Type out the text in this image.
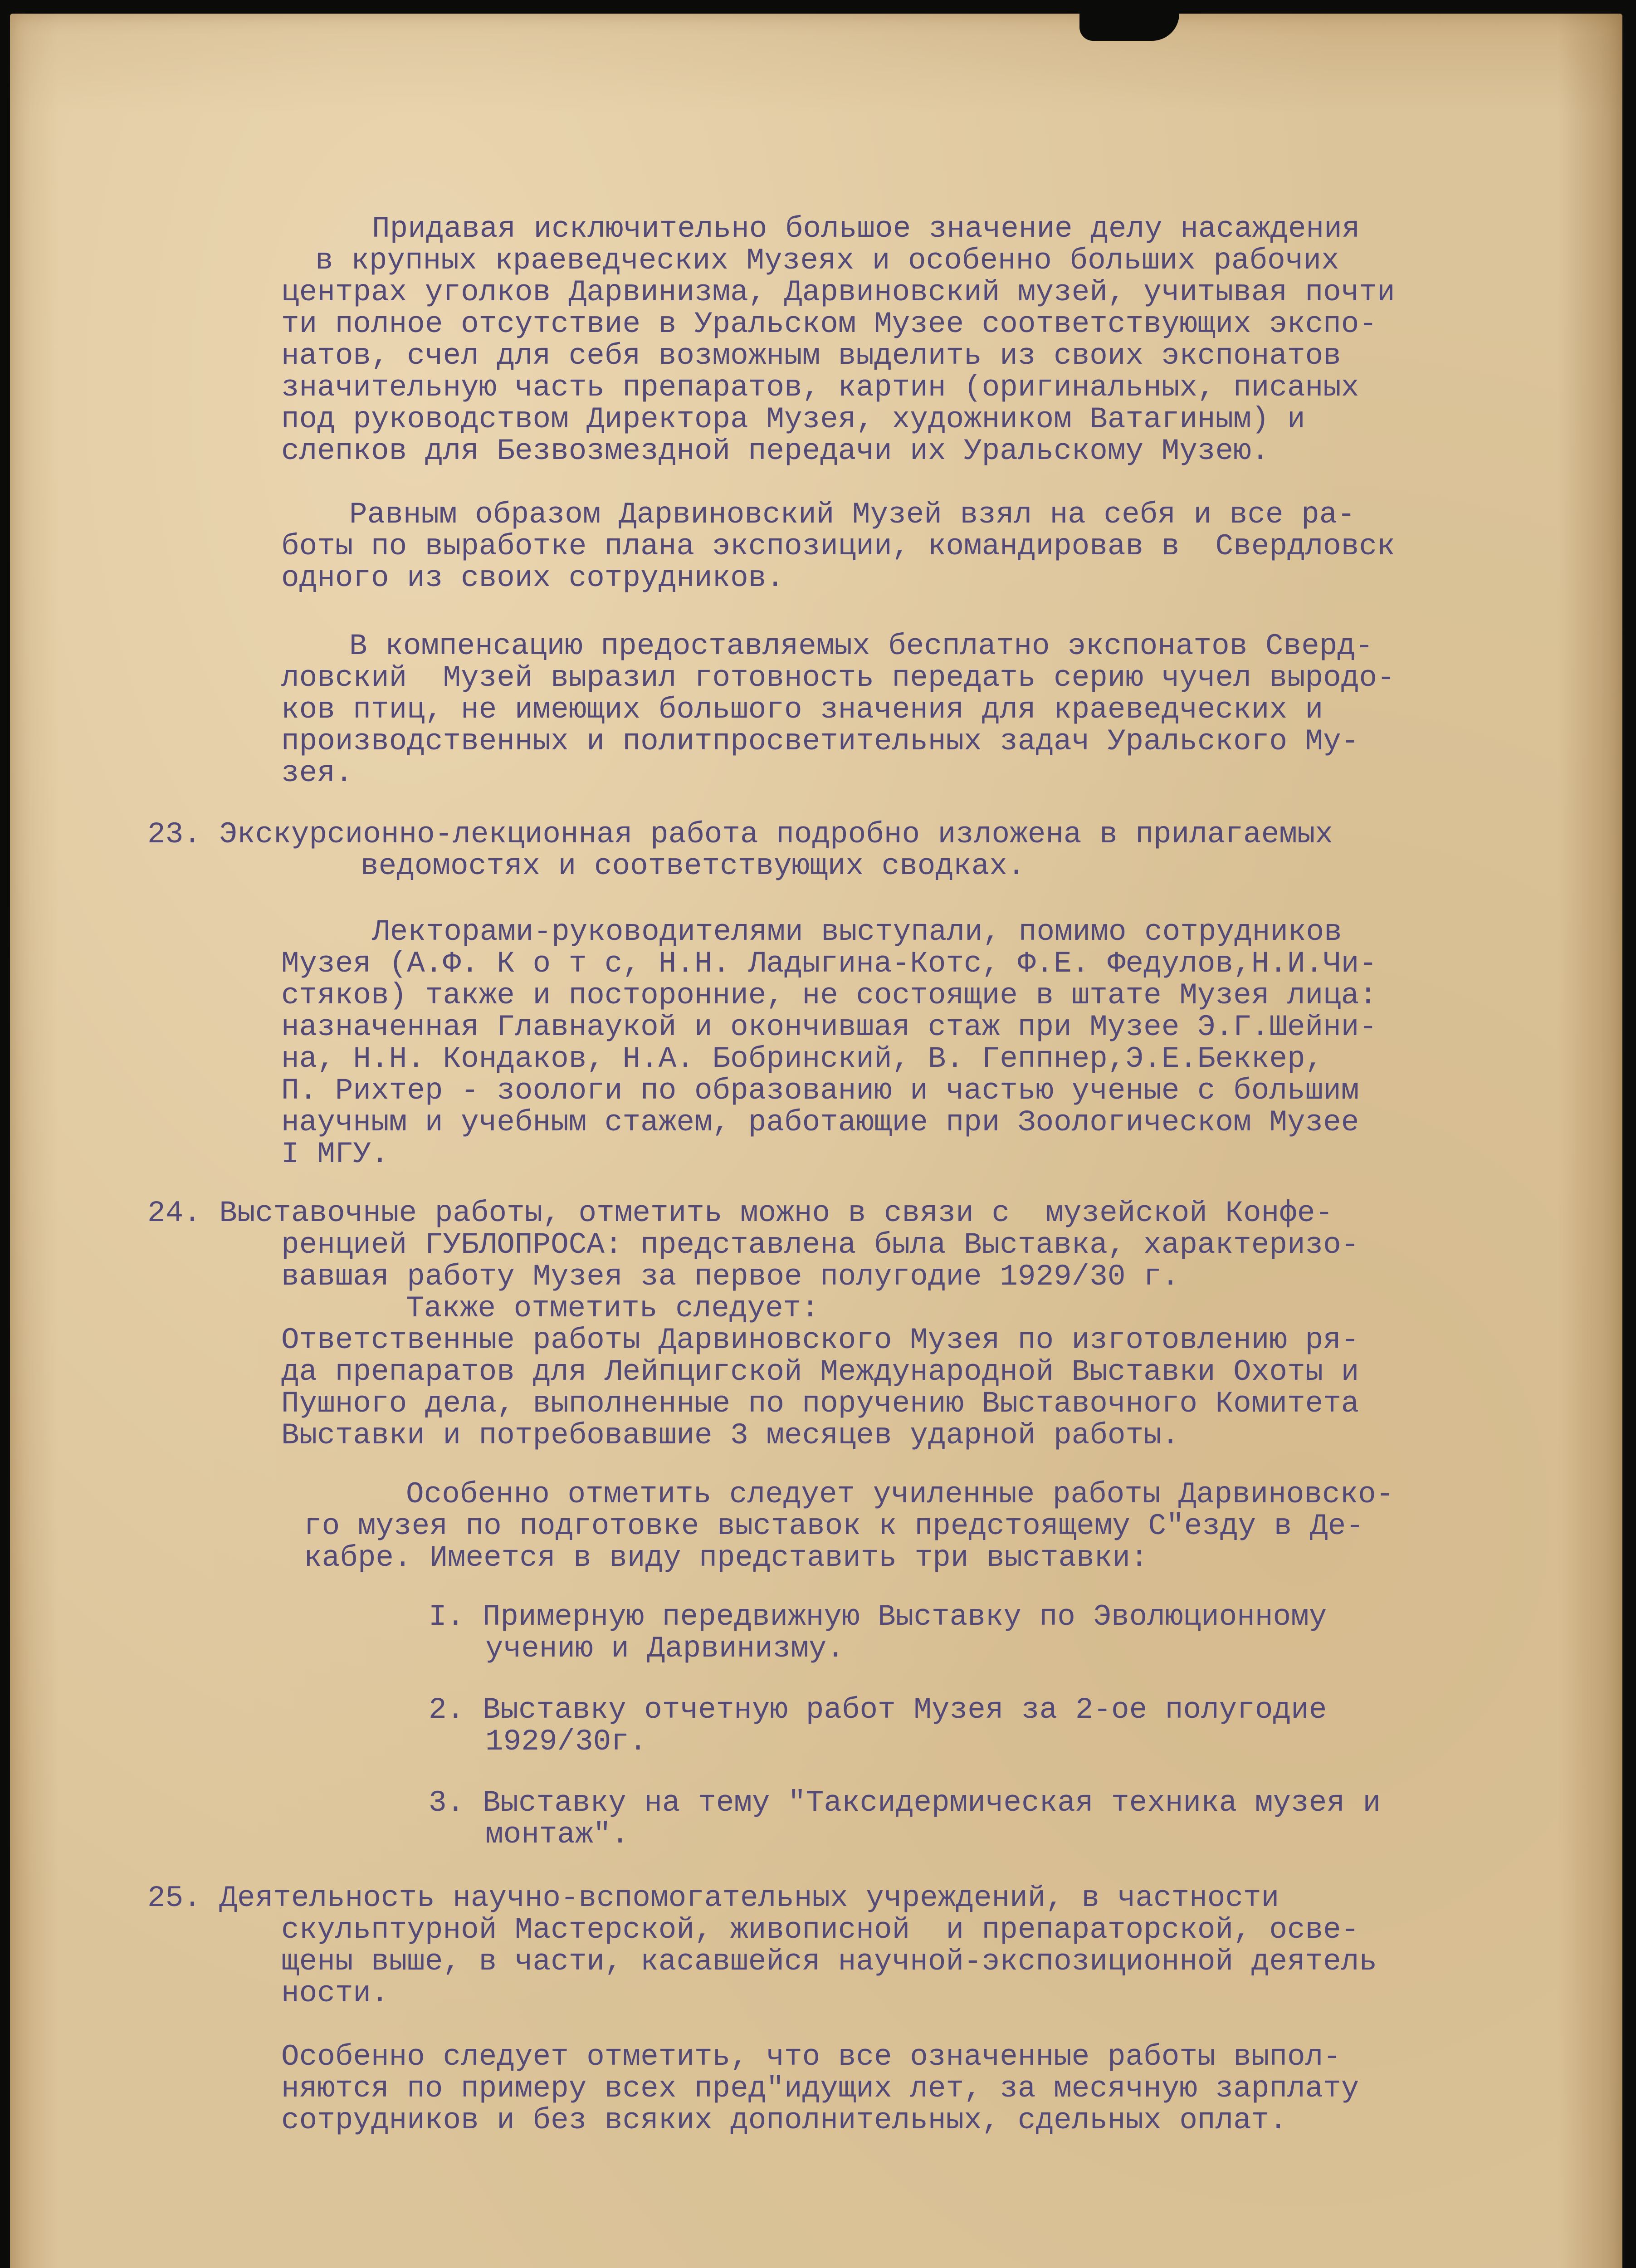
Придавая исключительно большое значение делу насаждения

в крупных краеведческих Музеях и особенно больших рабочих

центрах уголков Дарвинизма, Дарвиновский музей, учитывая почти

ти полное отсутствие в Уральском Музее соответствующих экспо-

натов, счел для себя возможным выделить из своих экспонатов

значительную часть препаратов, картин (оригинальных, писаных

под руководством Директора Музея, художником Ватагиным) и

слепков для Безвозмездной передачи их Уральскому Музею.

Равным образом Дарвиновский Музей взял на себя и все ра-

боты по выработке плана экспозиции, командировав в  Свердловск

одного из своих сотрудников.

В компенсацию предоставляемых бесплатно экспонатов Сверд-

ловский  Музей выразил готовность передать серию чучел выродо-

ков птиц, не имеющих большого значения для краеведческих и

производственных и политпросветительных задач Уральского Му-

зея.

23. Экскурсионно-лекционная работа подробно изложена в прилагаемых

ведомостях и соответствующих сводках.

Лекторами-руководителями выступали, помимо сотрудников

Музея (А.Ф. К о т с, Н.Н. Ладыгина-Котс, Ф.Е. Федулов,Н.И.Чи-

стяков) также и посторонние, не состоящие в штате Музея лица:

назначенная Главнаукой и окончившая стаж при Музее Э.Г.Шейни-

на, Н.Н. Кондаков, Н.А. Бобринский, В. Геппнер,Э.Е.Беккер,

П. Рихтер - зоологи по образованию и частью ученые с большим

научным и учебным стажем, работающие при Зоологическом Музее

I МГУ.

24. Выставочные работы, отметить можно в связи с  музейской Конфе-

ренцией ГУБЛОПРОСА: представлена была Выставка, характеризо-

вавшая работу Музея за первое полугодие 1929/30 г.

Также отметить следует:

Ответственные работы Дарвиновского Музея по изготовлению ря-

да препаратов для Лейпцигской Международной Выставки Охоты и

Пушного дела, выполненные по поручению Выставочного Комитета

Выставки и потребовавшие 3 месяцев ударной работы.

Особенно отметить следует училенные работы Дарвиновско-

го музея по подготовке выставок к предстоящему С"езду в Де-

кабре. Имеется в виду представить три выставки:

I. Примерную передвижную Выставку по Эволюционному

учению и Дарвинизму.

2. Выставку отчетную работ Музея за 2-ое полугодие

1929/30г.

3. Выставку на тему "Таксидермическая техника музея и

монтаж".

25. Деятельность научно-вспомогательных учреждений, в частности

скульптурной Мастерской, живописной  и препараторской, осве-

щены выше, в части, касавшейся научной-экспозиционной деятель

ности.

Особенно следует отметить, что все означенные работы выпол-

няются по примеру всех пред"идущих лет, за месячную зарплату

сотрудников и без всяких дополнительных, сдельных оплат.
